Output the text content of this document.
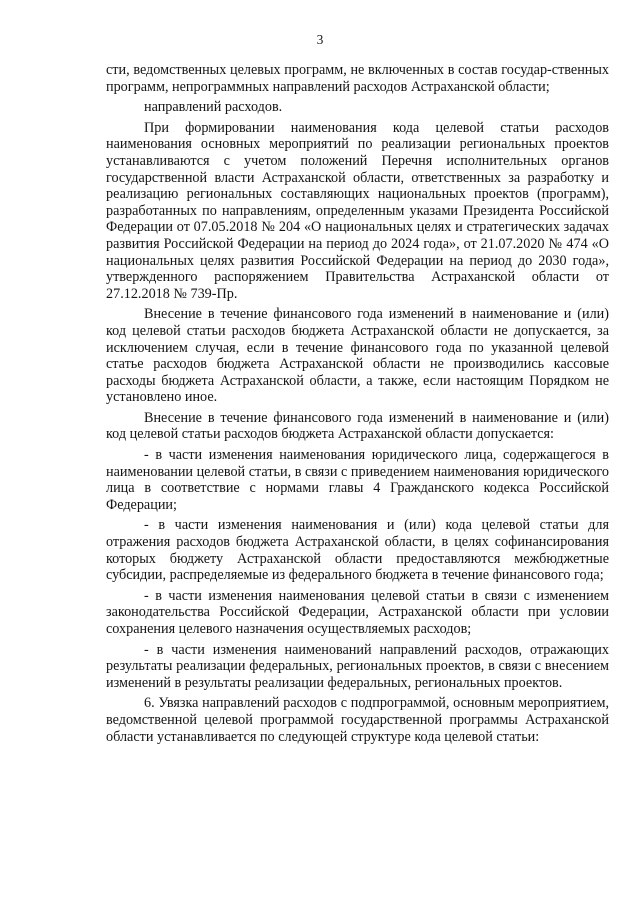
3

сти, ведомственных целевых программ, не включенных в состав государ-ственных программ, непрограммных направлений расходов Астраханской области;

направлений расходов.

При формировании наименования кода целевой статьи расходов наименования основных мероприятий по реализации региональных проектов устанавливаются с учетом положений Перечня исполнительных органов государственной власти Астраханской области, ответственных за разработку и реализацию региональных составляющих национальных проектов (программ), разработанных по направлениям, определенным указами Президента Российской Федерации от 07.05.2018 № 204 «О национальных целях и стратегических задачах развития Российской Федерации на период до 2024 года», от 21.07.2020 № 474 «О национальных целях развития Российской Федерации на период до 2030 года», утвержденного распоряжением Правительства Астраханской области от 27.12.2018 № 739-Пр.

Внесение в течение финансового года изменений в наименование и (или) код целевой статьи расходов бюджета Астраханской области не допускается, за исключением случая, если в течение финансового года по указанной целевой статье расходов бюджета Астраханской области не производились кассовые расходы бюджета Астраханской области, а также, если настоящим Порядком не установлено иное.

Внесение в течение финансового года изменений в наименование и (или) код целевой статьи расходов бюджета Астраханской области допускается:

- в части изменения наименования юридического лица, содержащегося в наименовании целевой статьи, в связи с приведением наименования юридического лица в соответствие с нормами главы 4 Гражданского кодекса Российской Федерации;

- в части изменения наименования и (или) кода целевой статьи для отражения расходов бюджета Астраханской области, в целях софинансирования которых бюджету Астраханской области предоставляются межбюджетные субсидии, распределяемые из федерального бюджета в течение финансового года;

- в части изменения наименования целевой статьи в связи с изменением законодательства Российской Федерации, Астраханской области при условии сохранения целевого назначения осуществляемых расходов;

- в части изменения наименований направлений расходов, отражающих результаты реализации федеральных, региональных проектов, в связи с внесением изменений в результаты реализации федеральных, региональных проектов.

6. Увязка направлений расходов с подпрограммой, основным мероприятием, ведомственной целевой программой государственной программы Астраханской области устанавливается по следующей структуре кода целевой статьи:
